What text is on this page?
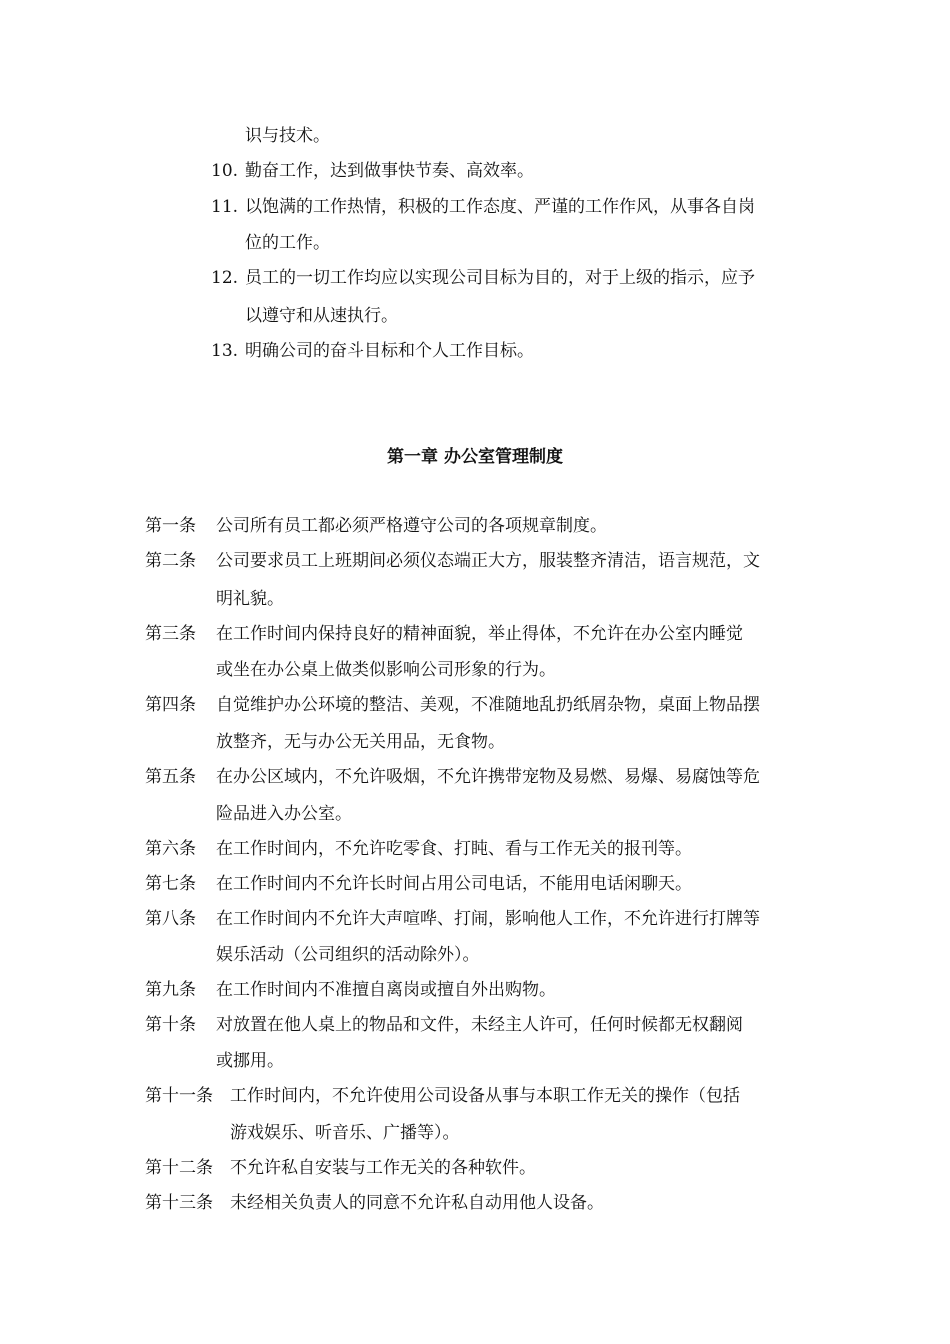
识与技术。
10. 勤奋工作，达到做事快节奏、高效率。
11. 以饱满的工作热情，积极的工作态度、严谨的工作作风，从事各自岗
位的工作。
12. 员工的一切工作均应以实现公司目标为目的，对于上级的指示，应予
以遵守和从速执行。
13. 明确公司的奋斗目标和个人工作目标。
第一章 办公室管理制度
第一条 公司所有员工都必须严格遵守公司的各项规章制度。
第二条 公司要求员工上班期间必须仪态端正大方，服装整齐清洁，语言规范，文
明礼貌。
第三条 在工作时间内保持良好的精神面貌，举止得体，不允许在办公室内睡觉
或坐在办公桌上做类似影响公司形象的行为。
第四条 自觉维护办公环境的整洁、美观，不准随地乱扔纸屑杂物，桌面上物品摆
放整齐，无与办公无关用品，无食物。
第五条 在办公区域内，不允许吸烟，不允许携带宠物及易燃、易爆、易腐蚀等危
险品进入办公室。
第六条 在工作时间内，不允许吃零食、打盹、看与工作无关的报刊等。
第七条 在工作时间内不允许长时间占用公司电话，不能用电话闲聊天。
第八条 在工作时间内不允许大声喧哗、打闹，影响他人工作，不允许进行打牌等
娱乐活动（公司组织的活动除外）。
第九条 在工作时间内不准擅自离岗或擅自外出购物。
第十条 对放置在他人桌上的物品和文件，未经主人许可，任何时候都无权翻阅
或挪用。
第十一条 工作时间内，不允许使用公司设备从事与本职工作无关的操作（包括
游戏娱乐、听音乐、广播等）。
第十二条 不允许私自安装与工作无关的各种软件。
第十三条 未经相关负责人的同意不允许私自动用他人设备。
